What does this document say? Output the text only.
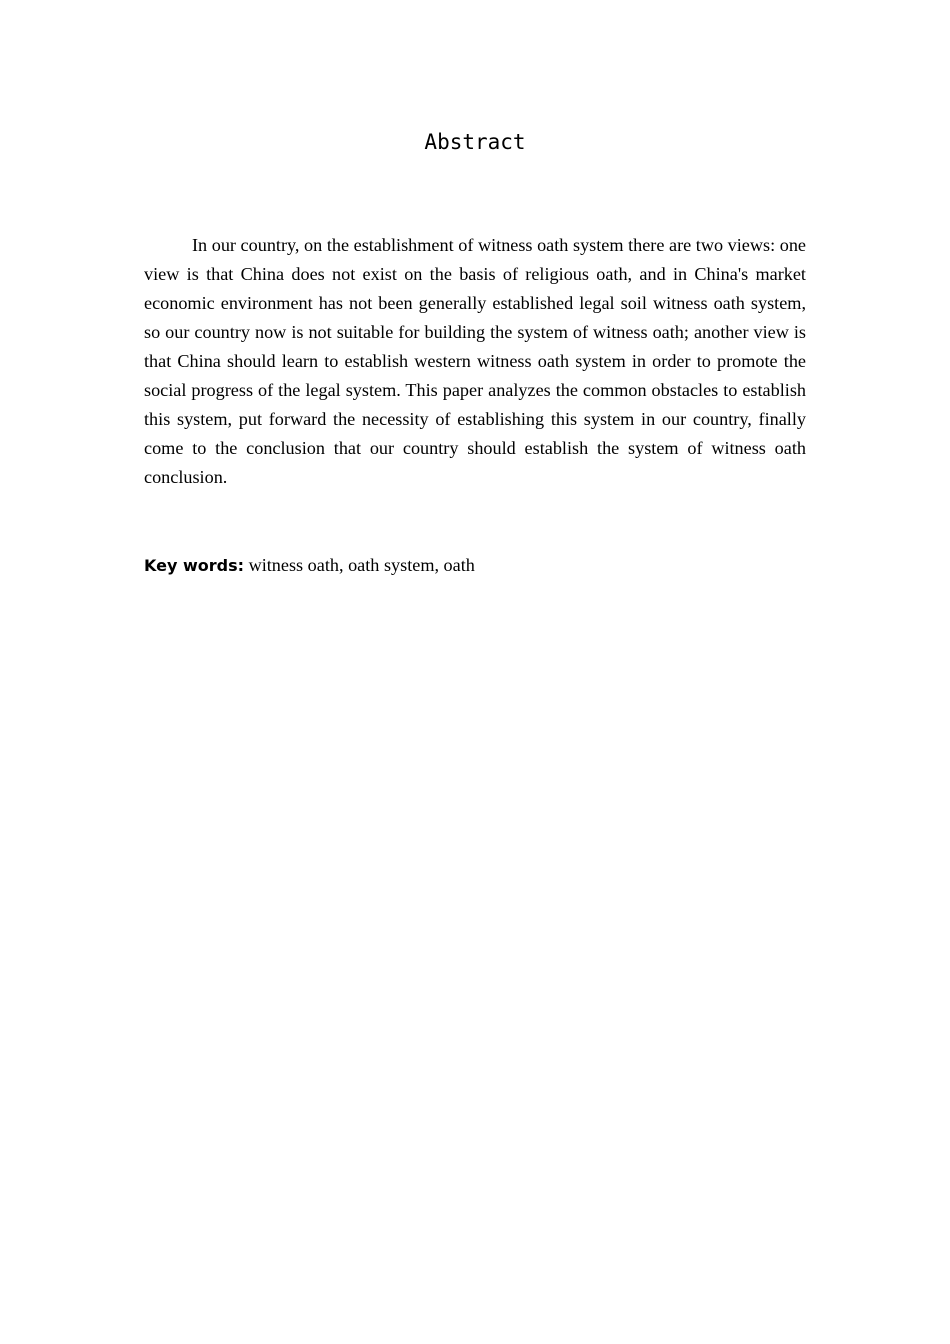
Abstract

In our country, on the establishment of witness oath system there are two views: one view is that China does not exist on the basis of religious oath, and in China's market economic environment has not been generally established legal soil witness oath system, so our country now is not suitable for building the system of witness oath; another view is that China should learn to establish western witness oath system in order to promote the social progress of the legal system. This paper analyzes the common obstacles to establish this system, put forward the necessity of establishing this system in our country, finally come to the conclusion that our country should establish the system of witness oath conclusion.

Key words: witness oath, oath system, oath
